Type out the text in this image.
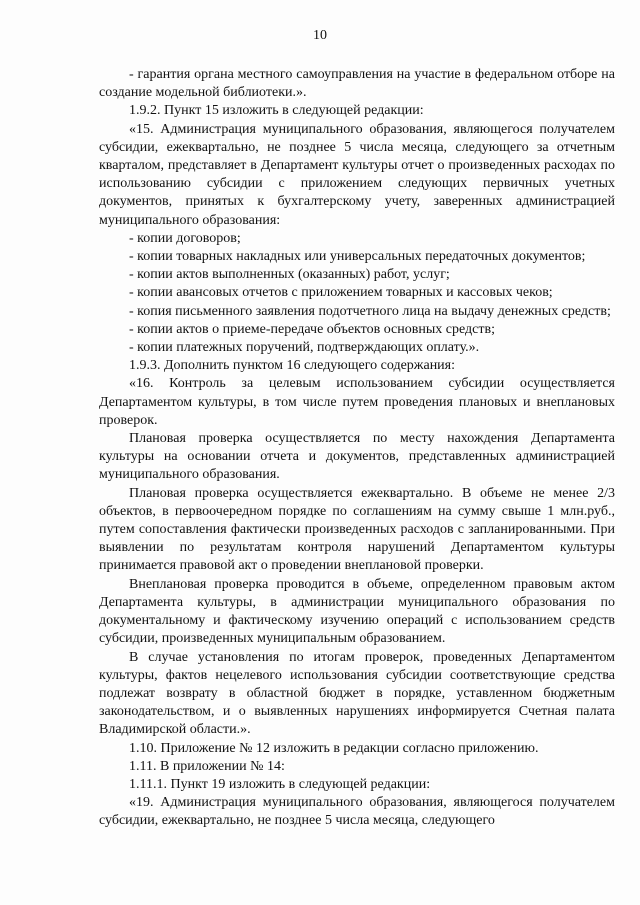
10

- гарантия органа местного самоуправления на участие в федеральном отборе на создание модельной библиотеки.».

1.9.2. Пункт 15 изложить в следующей редакции:

«15. Администрация муниципального образования, являющегося получателем субсидии, ежеквартально, не позднее 5 числа месяца, следующего за отчетным кварталом, представляет в Департамент культуры отчет о произведенных расходах по использованию субсидии с приложением следующих первичных учетных документов, принятых к бухгалтерскому учету, заверенных администрацией муниципального образования:

- копии договоров;

- копии товарных накладных или универсальных передаточных документов;

- копии актов выполненных (оказанных) работ, услуг;

- копии авансовых отчетов с приложением товарных и кассовых чеков;

- копия письменного заявления подотчетного лица на выдачу денежных средств;

- копии актов о приеме-передаче объектов основных средств;

- копии платежных поручений, подтверждающих оплату.».

1.9.3. Дополнить пунктом 16 следующего содержания:

«16. Контроль за целевым использованием субсидии осуществляется Департаментом культуры, в том числе путем проведения плановых и внеплановых проверок.

Плановая проверка осуществляется по месту нахождения Департамента культуры на основании отчета и документов, представленных администрацией муниципального образования.

Плановая проверка осуществляется ежеквартально. В объеме не менее 2/3 объектов, в первоочередном порядке по соглашениям на сумму свыше 1 млн.руб., путем сопоставления фактически произведенных расходов с запланированными. При выявлении по результатам контроля нарушений Департаментом культуры принимается правовой акт о проведении внеплановой проверки.

Внеплановая проверка проводится в объеме, определенном правовым актом Департамента культуры, в администрации муниципального образования по документальному и фактическому изучению операций с использованием средств субсидии, произведенных муниципальным образованием.

В случае установления по итогам проверок, проведенных Департаментом культуры, фактов нецелевого использования субсидии соответствующие средства подлежат возврату в областной бюджет в порядке, уставленном бюджетным законодательством, и о выявленных нарушениях информируется Счетная палата Владимирской области.».

1.10. Приложение № 12 изложить в редакции согласно приложению.

1.11. В приложении № 14:

1.11.1. Пункт 19 изложить в следующей редакции:

«19. Администрация муниципального образования, являющегося получателем субсидии, ежеквартально, не позднее 5 числа месяца, следующего
